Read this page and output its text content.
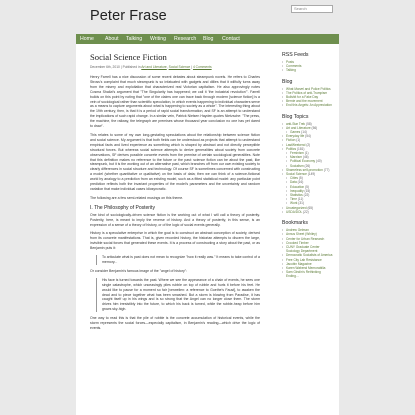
Peter Frase	Search
Home About Talking Writing Research Blog Contact
Social Science Fiction
December 6th, 2010 | Published in Art and Literature, Social Science | 4 Comments

Henry Farrell has a nice discussion of some recent debates about steampunk novels. He refers to Charles Stross's complaint that much steampunk is so infatuated with gadgets and dillies that it willfully turns away from the misery and exploitation that characterized real Victorian capitalism. He also approvingly notes Cosma Shalizi's argument that "The Singularity has happened; we call it 'the industrial revolution'". Farrell builds on this point by noting that "one of the claims one can trace back through modern [science fiction] is a vein of sociological rather than scientific speculation, in which events happening to individual characters serve as a means to capture arguments about what is happening to society as a whole". The interesting thing about the 19th century, then, is that it is a period of rapid social transformation, and SF is an attempt to understand the implications of such rapid change. In a similar vein, Patrick Nielsen Hayden quotes Nietzsche: "The press, the machine, the railway, the telegraph are premises whose thousand year conclusion no one has yet dared to draw".

This relates to some of my own long-gestating speculations about the relationship between science fiction and social science. My argument is that both fields can be understood as projects that attempt to understand empirical facts and lived experience as something which is shaped by abstract and not directly perceptible structural forces. But whereas social science attempts to derive generalities about society from concrete observations, SF derives possible concrete events from the premise of certain sociological generalities. Note that this definition makes no reference to the future or the past: science fiction can be about the past, like steampunk, but it is the working out of an alternative past, which branches off from our own existing society to clearly differences in social structure and technology. Of course SF is sometimes concerned with constructing a model (whether quantitative or qualitative) on the basis of data; then we can think of a science-fictional world by analogy to a prediction from an existing model, such as a fitted statistical model: any particular point prediction reflects both the invariant properties of the model's parameters and the uncertainty and random variation that make individual cases idiosyncratic.

The following are a few semi-related musings on this theme.

I. The Philosophy of Posterity

One kind of sociologically-driven science fiction is the working out of what I will call a theory of posterity. Posterity, here, is meant to imply the reverse of history. And a theory of posterity, in this sense, is an expression of a sense of a theory of history, or of the logic of social events generally.

History is a speculative enterprise in which the goal is to construct an abstract conception of society, derived from its concrete manifestations. That is, given recorded history, the historian attempts to discern the large, invisible social forces that generated these events. It is a process of constructing a story about the past, or as Benjamin puts it:

To articulate what is past does not mean to recognize "how it really was." It means to take control of a memory...

Or consider Benjamin's famous image of the "angel of history":

His face is turned towards the past. Where we see the appearance of a chain of events, he sees one single catastrophe, which unceasingly piles rubble on top of rubble and hurls it before his feet. He would like to pause for a moment so fair [verweilen: a reference to Goethe's Faust], to awaken the dead and to piece together what has been smashed. But a storm is blowing from Paradise, it has caught itself up in his wings and is so strong that the Angel can no longer close them. The storm drives him irresistibly into the future, to which his back is turned, while the rubble-heap before him grows sky-high.

One way to read this is that the pile of rubble is the concrete accumulation of historical events, while the storm represents the social forces—especially capitalism, in Benjamin's reading—which drive the logic of events.

RSS Feeds
• Posts
• Comments
• Talking
Blog
• What Marvel and Police Politics
• The Politics of anti-Trumpism
• Bullshit for a Fake Day
• Bernie and the movement
• End this Angels: An Appreciation
Blog Topics
• anti-Star Trek (58)
• Art and Literature (56)
• Games (14)
• Everyday life (54)
• Fiction (1)
• LastWeekend (2)
• Politics (181)
• Feminism (1)
• Marxism (46)
• Political Economy (40)
• Socialism (26)
• Shameless self-promotion (77)
• Social Science (149)
• Cities (5)
• Data (16)
• Education (5)
• Inequality (15)
• Statistics (22)
• Time (11)
• Work (31)
• Uncategorized (65)
• USDA/DOL (22)
Bookmarks
• Andrew Gelman
• Annus Sheet (Whiley)
• Center for Urban Research
• Crooked Timber
• CUNY Graduate Center Sociology Department
• Democratic Socialists of America
• Free City Lab Resistance
• Jacobin Magazine
• Karen Wabend Memorabilia
• Sam Gindin's Rethinking Ending...
